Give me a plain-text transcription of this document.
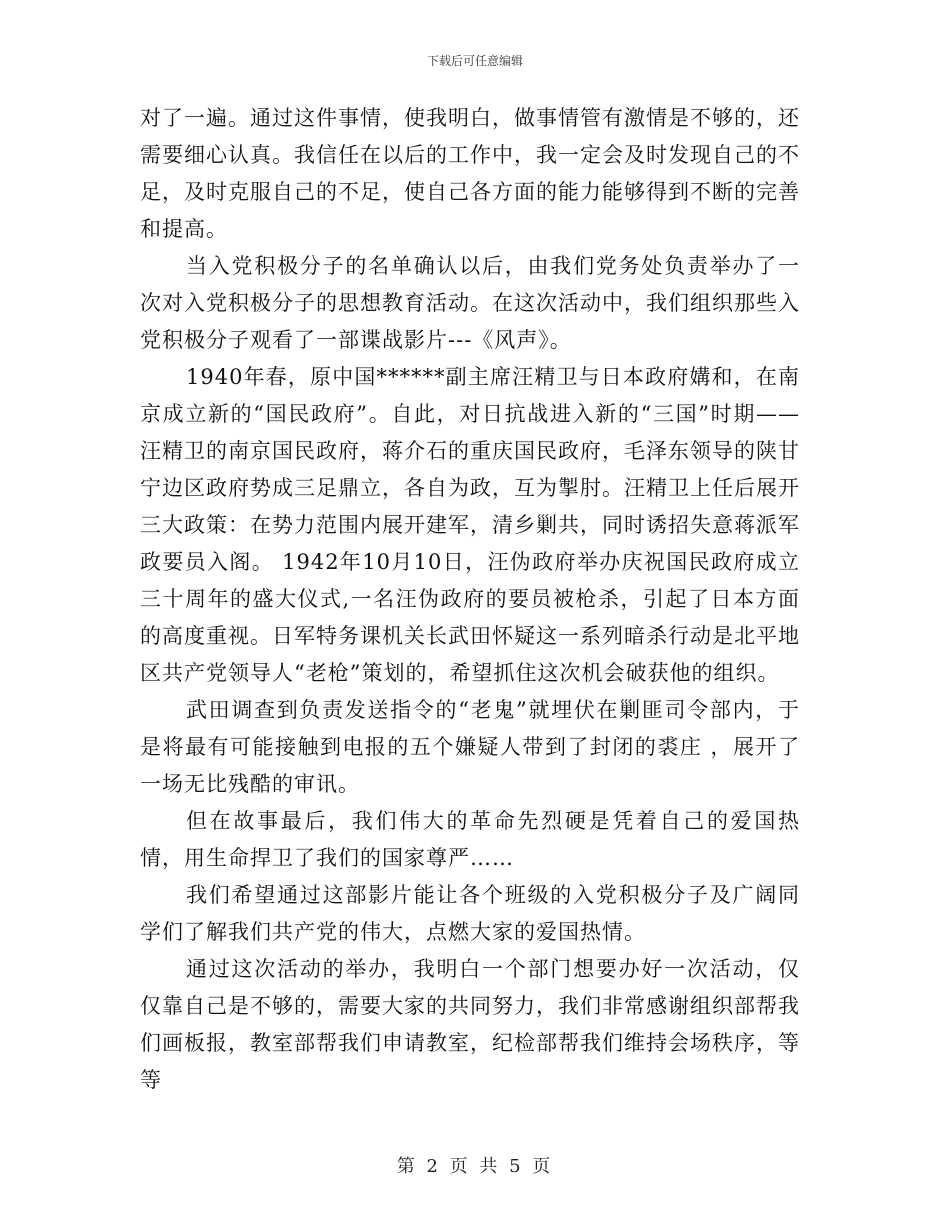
下载后可任意编辑

对了一遍。通过这件事情，使我明白，做事情管有激情是不够的，还需要细心认真。我信任在以后的工作中，我一定会及时发现自己的不足，及时克服自己的不足，使自己各方面的能力能够得到不断的完善和提高。

当入党积极分子的名单确认以后，由我们党务处负责举办了一次对入党积极分子的思想教育活动。在这次活动中，我们组织那些入党积极分子观看了一部谍战影片---《风声》。

1940年春，原中国******副主席汪精卫与日本政府媾和，在南京成立新的“国民政府”。自此，对日抗战进入新的“三国”时期——汪精卫的南京国民政府，蒋介石的重庆国民政府，毛泽东领导的陕甘宁边区政府势成三足鼎立，各自为政，互为掣肘。汪精卫上任后展开三大政策：在势力范围内展开建军，清乡剿共，同时诱招失意蒋派军政要员入阁。 1942年10月10日，汪伪政府举办庆祝国民政府成立三十周年的盛大仪式,一名汪伪政府的要员被枪杀，引起了日本方面的高度重视。日军特务课机关长武田怀疑这一系列暗杀行动是北平地区共产党领导人“老枪”策划的，希望抓住这次机会破获他的组织。

武田调查到负责发送指令的“老鬼”就埋伏在剿匪司令部内，于是将最有可能接触到电报的五个嫌疑人带到了封闭的裘庄 ，展开了一场无比残酷的审讯。

但在故事最后，我们伟大的革命先烈硬是凭着自己的爱国热情，用生命捍卫了我们的国家尊严……

我们希望通过这部影片能让各个班级的入党积极分子及广阔同学们了解我们共产党的伟大，点燃大家的爱国热情。

通过这次活动的举办，我明白一个部门想要办好一次活动，仅仅靠自己是不够的，需要大家的共同努力，我们非常感谢组织部帮我们画板报，教室部帮我们申请教室，纪检部帮我们维持会场秩序，等等

第 2 页 共 5 页
